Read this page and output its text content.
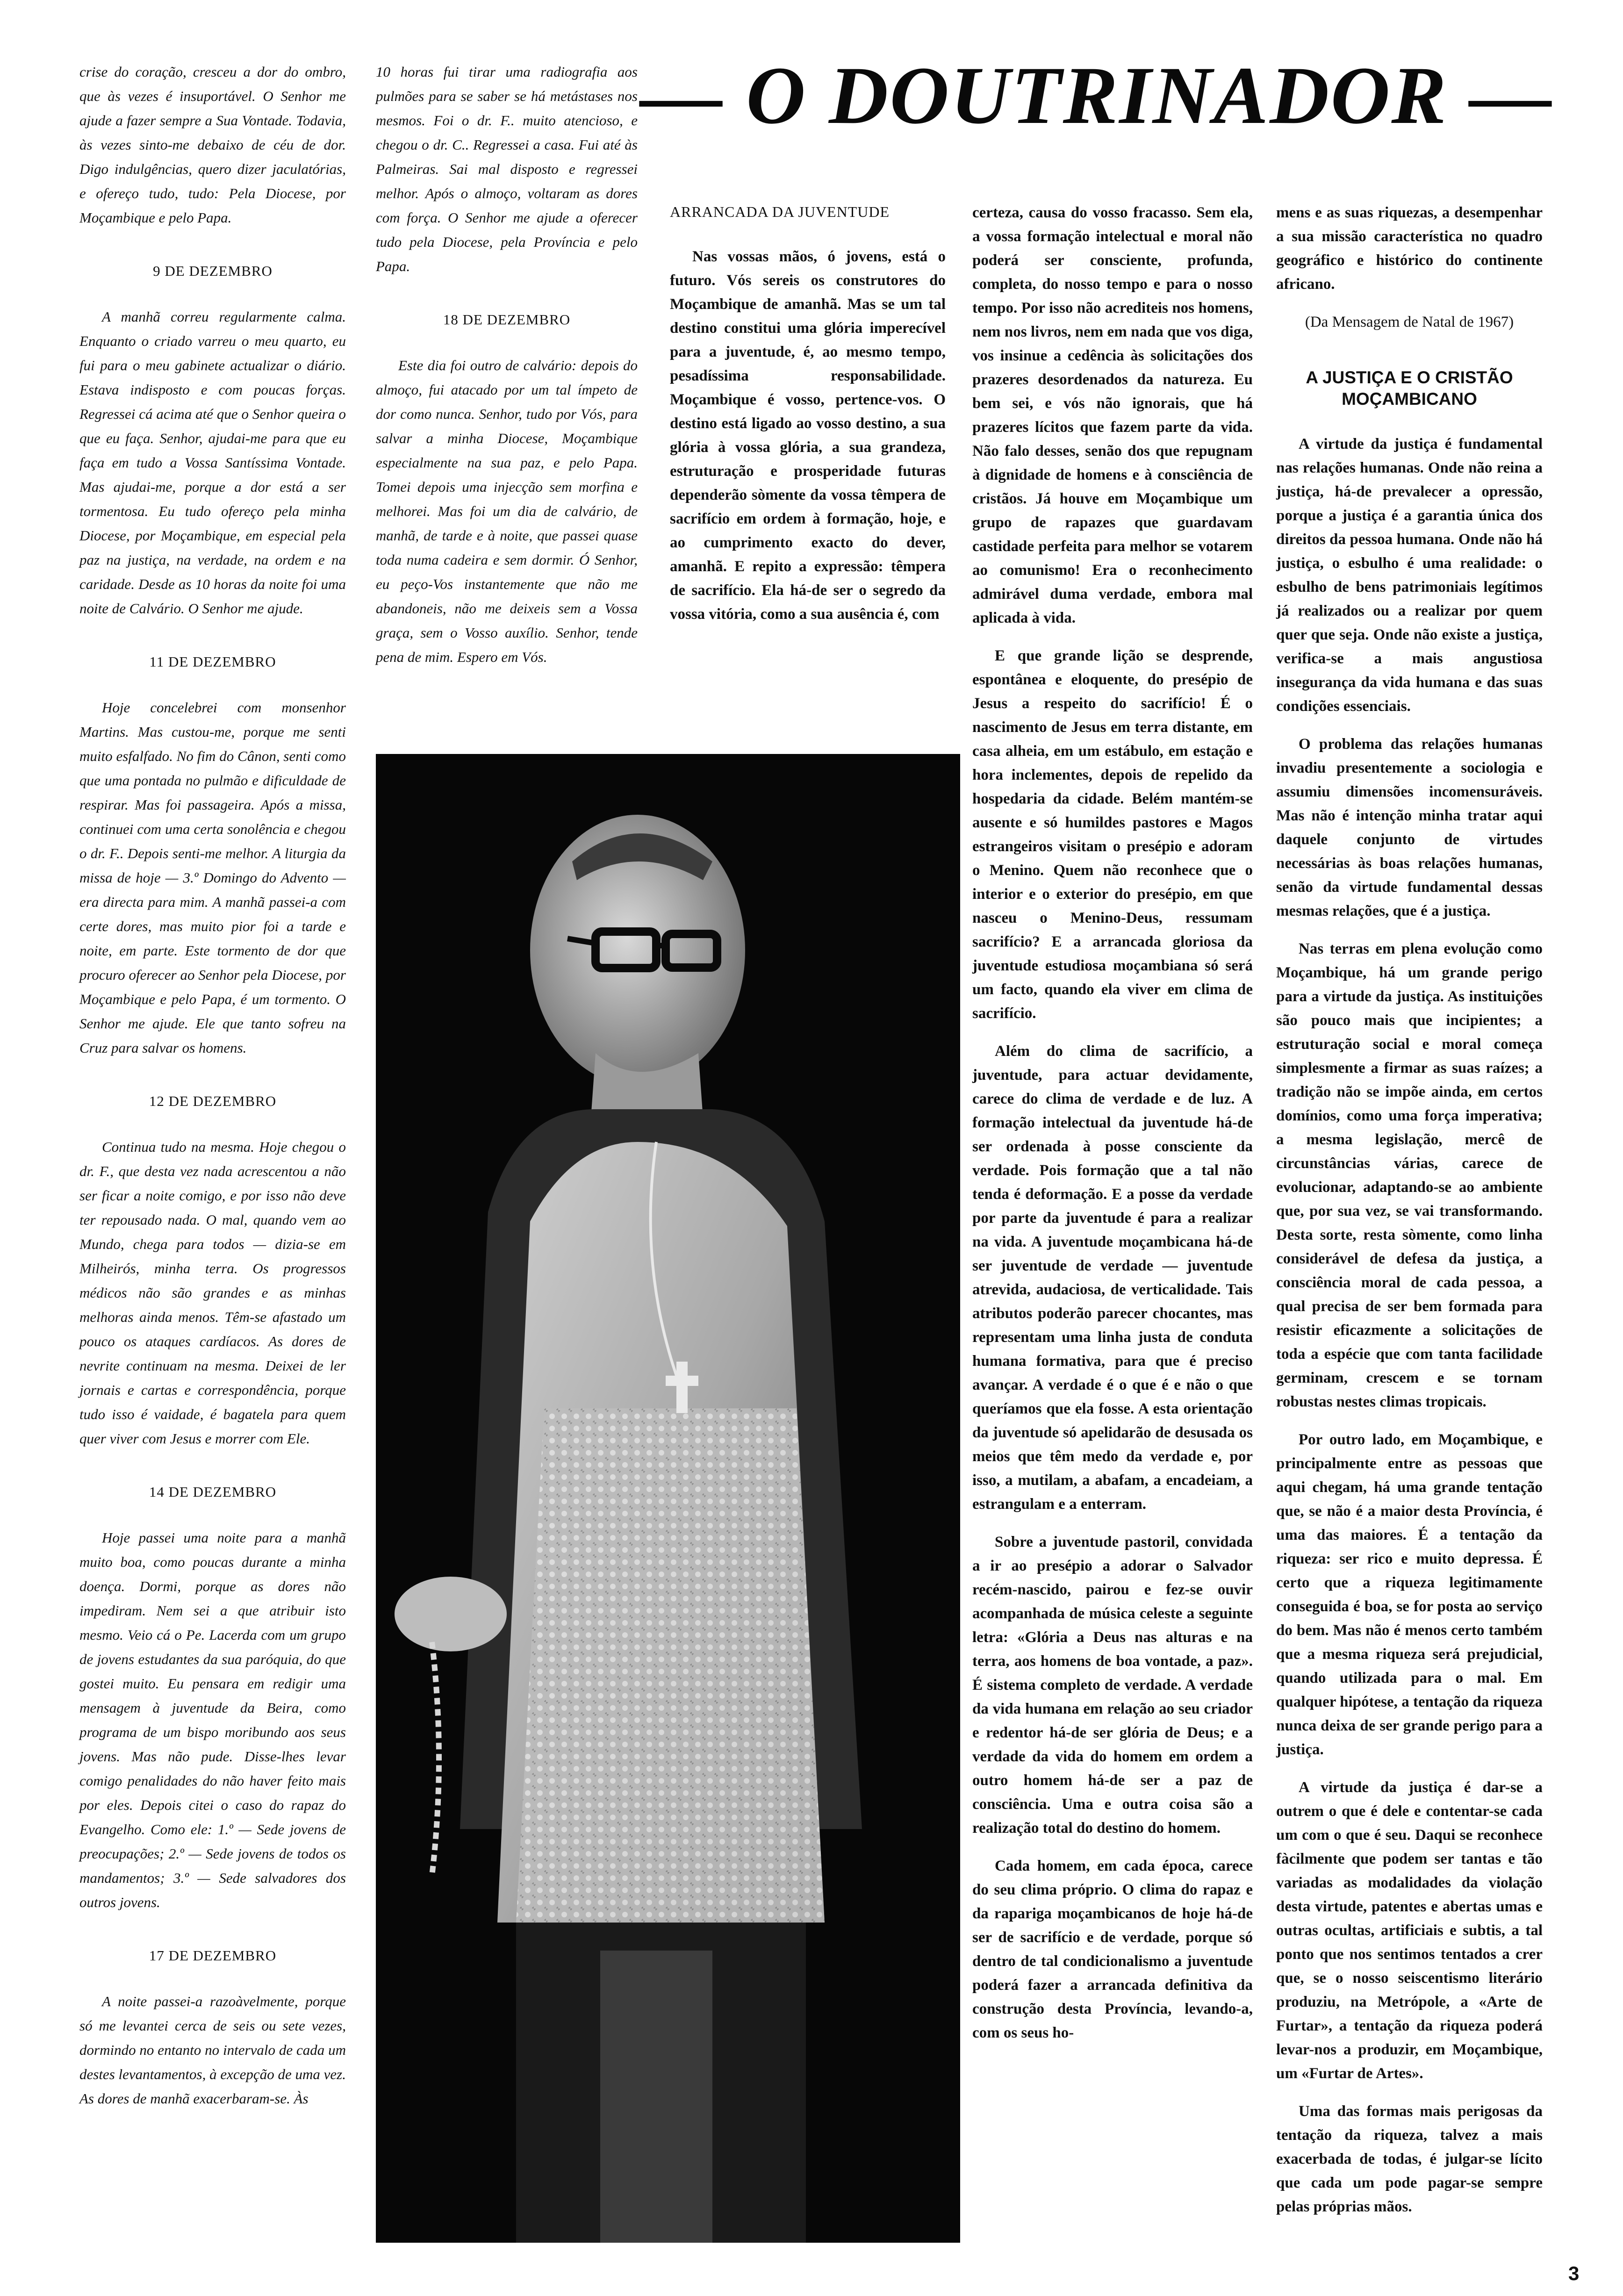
— O DOUTRINADOR —

crise do coração, cresceu a dor do ombro, que às vezes é insuportável. O Senhor me ajude a fazer sempre a Sua Vontade. Todavia, às vezes sinto-me debaixo de céu de dor. Digo indulgências, quero dizer jaculatórias, e ofereço tudo, tudo: Pela Diocese, por Moçambique e pelo Papa.

9 DE DEZEMBRO

A manhã correu regularmente calma. Enquanto o criado varreu o meu quarto, eu fui para o meu gabinete actualizar o diário. Estava indisposto e com poucas forças. Regressei cá acima até que o Senhor queira o que eu faça. Senhor, ajudai-me para que eu faça em tudo a Vossa Santíssima Vontade. Mas ajudai-me, porque a dor está a ser tormentosa. Eu tudo ofereço pela minha Diocese, por Moçambique, em especial pela paz na justiça, na verdade, na ordem e na caridade. Desde as 10 horas da noite foi uma noite de Calvário. O Senhor me ajude.

11 DE DEZEMBRO

Hoje concelebrei com monsenhor Martins. Mas custou-me, porque me senti muito esfalfado. No fim do Cânon, senti como que uma pontada no pulmão e dificuldade de respirar. Mas foi passageira. Após a missa, continuei com uma certa sonolência e chegou o dr. F.. Depois senti-me melhor. A liturgia da missa de hoje — 3.º Domingo do Advento — era directa para mim. A manhã passei-a com certe dores, mas muito pior foi a tarde e noite, em parte. Este tormento de dor que procuro oferecer ao Senhor pela Diocese, por Moçambique e pelo Papa, é um tormento. O Senhor me ajude. Ele que tanto sofreu na Cruz para salvar os homens.

12 DE DEZEMBRO

Continua tudo na mesma. Hoje chegou o dr. F., que desta vez nada acrescentou a não ser ficar a noite comigo, e por isso não deve ter repousado nada. O mal, quando vem ao Mundo, chega para todos — dizia-se em Milheirós, minha terra. Os progressos médicos não são grandes e as minhas melhoras ainda menos. Têm-se afastado um pouco os ataques cardíacos. As dores de nevrite continuam na mesma. Deixei de ler jornais e cartas e correspondência, porque tudo isso é vaidade, é bagatela para quem quer viver com Jesus e morrer com Ele.

14 DE DEZEMBRO

Hoje passei uma noite para a manhã muito boa, como poucas durante a minha doença. Dormi, porque as dores não impediram. Nem sei a que atribuir isto mesmo. Veio cá o Pe. Lacerda com um grupo de jovens estudantes da sua paróquia, do que gostei muito. Eu pensara em redigir uma mensagem à juventude da Beira, como programa de um bispo moribundo aos seus jovens. Mas não pude. Disse-lhes levar comigo penalidades do não haver feito mais por eles. Depois citei o caso do rapaz do Evangelho. Como ele: 1.º — Sede jovens de preocupações; 2.º — Sede jovens de todos os mandamentos; 3.º — Sede salvadores dos outros jovens.

17 DE DEZEMBRO

A noite passei-a razoàvelmente, porque só me levantei cerca de seis ou sete vezes, dormindo no entanto no intervalo de cada um destes levantamentos, à excepção de uma vez. As dores de manhã exacerbaram-se. Às

10 horas fui tirar uma radiografia aos pulmões para se saber se há metástases nos mesmos. Foi o dr. F.. muito atencioso, e chegou o dr. C.. Regressei a casa. Fui até às Palmeiras. Sai mal disposto e regressei melhor. Após o almoço, voltaram as dores com força. O Senhor me ajude a oferecer tudo pela Diocese, pela Província e pelo Papa.

18 DE DEZEMBRO

Este dia foi outro de calvário: depois do almoço, fui atacado por um tal ímpeto de dor como nunca. Senhor, tudo por Vós, para salvar a minha Diocese, Moçambique especialmente na sua paz, e pelo Papa. Tomei depois uma injecção sem morfina e melhorei. Mas foi um dia de calvário, de manhã, de tarde e à noite, que passei quase toda numa cadeira e sem dormir. Ó Senhor, eu peço-Vos instantemente que não me abandoneis, não me deixeis sem a Vossa graça, sem o Vosso auxílio. Senhor, tende pena de mim. Espero em Vós.

ARRANCADA DA JUVENTUDE

Nas vossas mãos, ó jovens, está o futuro. Vós sereis os construtores do Moçambique de amanhã. Mas se um tal destino constitui uma glória imperecível para a juventude, é, ao mesmo tempo, pesadíssima responsabilidade. Moçambique é vosso, pertence-vos. O destino está ligado ao vosso destino, a sua glória à vossa glória, a sua grandeza, estruturação e prosperidade futuras dependerão sòmente da vossa têmpera de sacrifício em ordem à formação, hoje, e ao cumprimento exacto do dever, amanhã. E repito a expressão: têmpera de sacrifício. Ela há-de ser o segredo da vossa vitória, como a sua ausência é, com

certeza, causa do vosso fracasso. Sem ela, a vossa formação intelectual e moral não poderá ser consciente, profunda, completa, do nosso tempo e para o nosso tempo. Por isso não acrediteis nos homens, nem nos livros, nem em nada que vos diga, vos insinue a cedência às solicitações dos prazeres desordenados da natureza. Eu bem sei, e vós não ignorais, que há prazeres lícitos que fazem parte da vida. Não falo desses, senão dos que repugnam à dignidade de homens e à consciência de cristãos. Já houve em Moçambique um grupo de rapazes que guardavam castidade perfeita para melhor se votarem ao comunismo! Era o reconhecimento admirável duma verdade, embora mal aplicada à vida.

E que grande lição se desprende, espontânea e eloquente, do presépio de Jesus a respeito do sacrifício! É o nascimento de Jesus em terra distante, em casa alheia, em um estábulo, em estação e hora inclementes, depois de repelido da hospedaria da cidade. Belém mantém-se ausente e só humildes pastores e Magos estrangeiros visitam o presépio e adoram o Menino. Quem não reconhece que o interior e o exterior do presépio, em que nasceu o Menino-Deus, ressumam sacrifício? E a arrancada gloriosa da juventude estudiosa moçambiana só será um facto, quando ela viver em clima de sacrifício.

Além do clima de sacrifício, a juventude, para actuar devidamente, carece do clima de verdade e de luz. A formação intelectual da juventude há-de ser ordenada à posse consciente da verdade. Pois formação que a tal não tenda é deformação. E a posse da verdade por parte da juventude é para a realizar na vida. A juventude moçambicana há-de ser juventude de verdade — juventude atrevida, audaciosa, de verticalidade. Tais atributos poderão parecer chocantes, mas representam uma linha justa de conduta humana formativa, para que é preciso avançar. A verdade é o que é e não o que queríamos que ela fosse. A esta orientação da juventude só apelidarão de desusada os meios que têm medo da verdade e, por isso, a mutilam, a abafam, a encadeiam, a estrangulam e a enterram.

Sobre a juventude pastoril, convidada a ir ao presépio a adorar o Salvador recém-nascido, pairou e fez-se ouvir acompanhada de música celeste a seguinte letra: «Glória a Deus nas alturas e na terra, aos homens de boa vontade, a paz». É sistema completo de verdade. A verdade da vida humana em relação ao seu criador e redentor há-de ser glória de Deus; e a verdade da vida do homem em ordem a outro homem há-de ser a paz de consciência. Uma e outra coisa são a realização total do destino do homem.

Cada homem, em cada época, carece do seu clima próprio. O clima do rapaz e da rapariga moçambicanos de hoje há-de ser de sacrifício e de verdade, porque só dentro de tal condicionalismo a juventude poderá fazer a arrancada definitiva da construção desta Província, levando-a, com os seus ho-

mens e as suas riquezas, a desempenhar a sua missão característica no quadro geográfico e histórico do continente africano.

(Da Mensagem de Natal de 1967)

A JUSTIÇA E O CRISTÃO MOÇAMBICANO

A virtude da justiça é fundamental nas relações humanas. Onde não reina a justiça, há-de prevalecer a opressão, porque a justiça é a garantia única dos direitos da pessoa humana. Onde não há justiça, o esbulho é uma realidade: o esbulho de bens patrimoniais legítimos já realizados ou a realizar por quem quer que seja. Onde não existe a justiça, verifica-se a mais angustiosa insegurança da vida humana e das suas condições essenciais.

O problema das relações humanas invadiu presentemente a sociologia e assumiu dimensões incomensuráveis. Mas não é intenção minha tratar aqui daquele conjunto de virtudes necessárias às boas relações humanas, senão da virtude fundamental dessas mesmas relações, que é a justiça.

Nas terras em plena evolução como Moçambique, há um grande perigo para a virtude da justiça. As instituições são pouco mais que incipientes; a estruturação social e moral começa simplesmente a firmar as suas raízes; a tradição não se impõe ainda, em certos domínios, como uma força imperativa; a mesma legislação, mercê de circunstâncias várias, carece de evolucionar, adaptando-se ao ambiente que, por sua vez, se vai transformando. Desta sorte, resta sòmente, como linha considerável de defesa da justiça, a consciência moral de cada pessoa, a qual precisa de ser bem formada para resistir eficazmente a solicitações de toda a espécie que com tanta facilidade germinam, crescem e se tornam robustas nestes climas tropicais.

Por outro lado, em Moçambique, e principalmente entre as pessoas que aqui chegam, há uma grande tentação que, se não é a maior desta Província, é uma das maiores. É a tentação da riqueza: ser rico e muito depressa. É certo que a riqueza legitimamente conseguida é boa, se for posta ao serviço do bem. Mas não é menos certo também que a mesma riqueza será prejudicial, quando utilizada para o mal. Em qualquer hipótese, a tentação da riqueza nunca deixa de ser grande perigo para a justiça.

A virtude da justiça é dar-se a outrem o que é dele e contentar-se cada um com o que é seu. Daqui se reconhece fàcilmente que podem ser tantas e tão variadas as modalidades da violação desta virtude, patentes e abertas umas e outras ocultas, artificiais e subtis, a tal ponto que nos sentimos tentados a crer que, se o nosso seiscentismo literário produziu, na Metrópole, a «Arte de Furtar», a tentação da riqueza poderá levar-nos a produzir, em Moçambique, um «Furtar de Artes».

Uma das formas mais perigosas da tentação da riqueza, talvez a mais exacerbada de todas, é julgar-se lícito que cada um pode pagar-se sempre pelas próprias mãos.

3
